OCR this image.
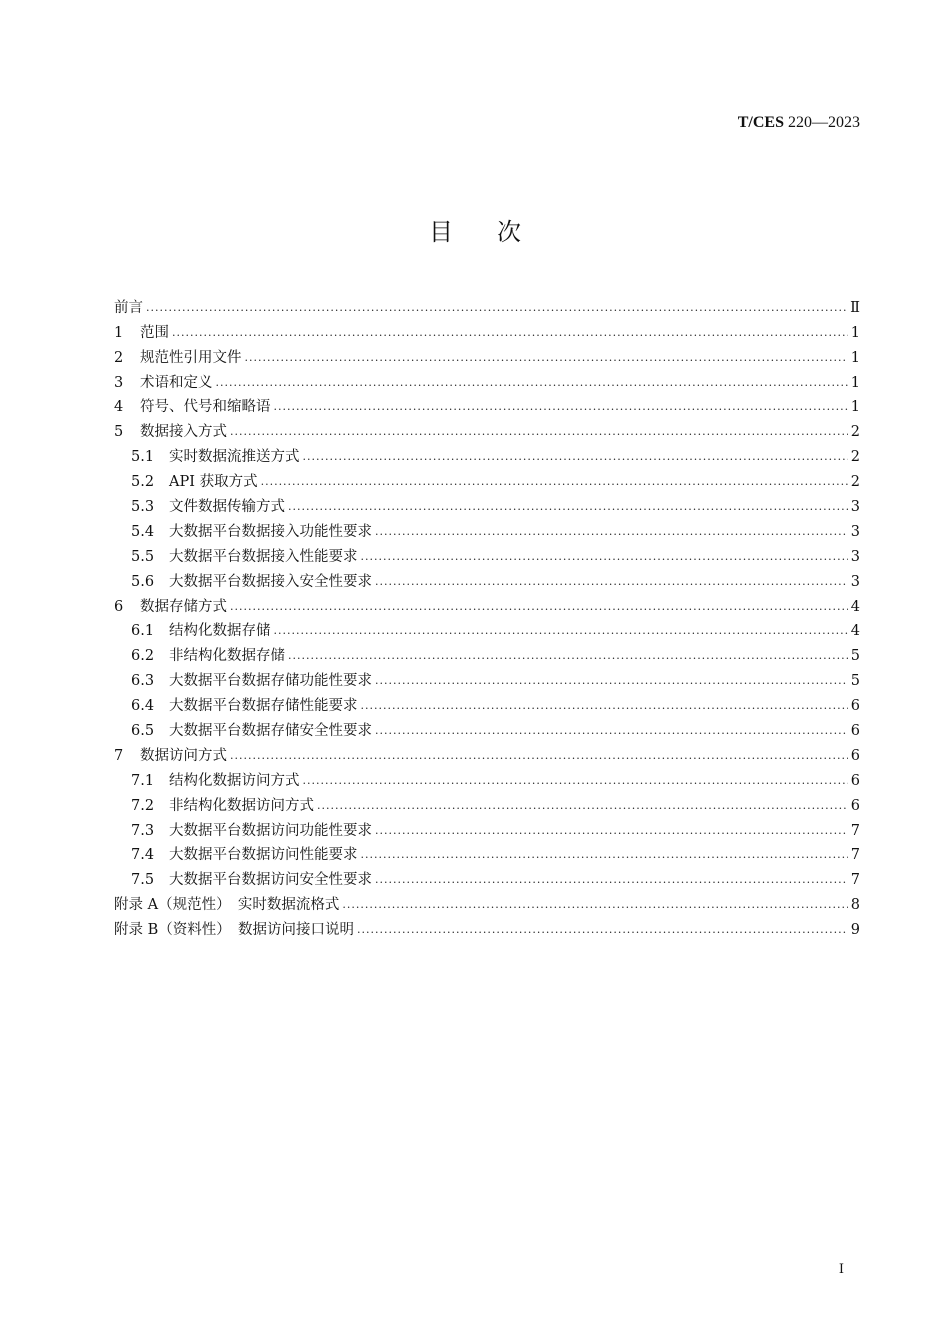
T/CES 220—2023
目次
前言 .....	Ⅱ
1	范围 .....	1
2	规范性引用文件 .....	1
3	术语和定义 .....	1
4	符号、代号和缩略语 .....	1
5	数据接入方式 .....	2
5.1	实时数据流推送方式 .....	2
5.2	API 获取方式 .....	2
5.3	文件数据传输方式 .....	3
5.4	大数据平台数据接入功能性要求 .....	3
5.5	大数据平台数据接入性能要求 .....	3
5.6	大数据平台数据接入安全性要求 .....	3
6	数据存储方式 .....	4
6.1	结构化数据存储 .....	4
6.2	非结构化数据存储 .....	5
6.3	大数据平台数据存储功能性要求 .....	5
6.4	大数据平台数据存储性能要求 .....	6
6.5	大数据平台数据存储安全性要求 .....	6
7	数据访问方式 .....	6
7.1	结构化数据访问方式 .....	6
7.2	非结构化数据访问方式 .....	6
7.3	大数据平台数据访问功能性要求 .....	7
7.4	大数据平台数据访问性能要求 .....	7
7.5	大数据平台数据访问安全性要求 .....	7
附录 A（规范性）　实时数据流格式 .....	8
附录 B（资料性）　数据访问接口说明 .....	9
I
